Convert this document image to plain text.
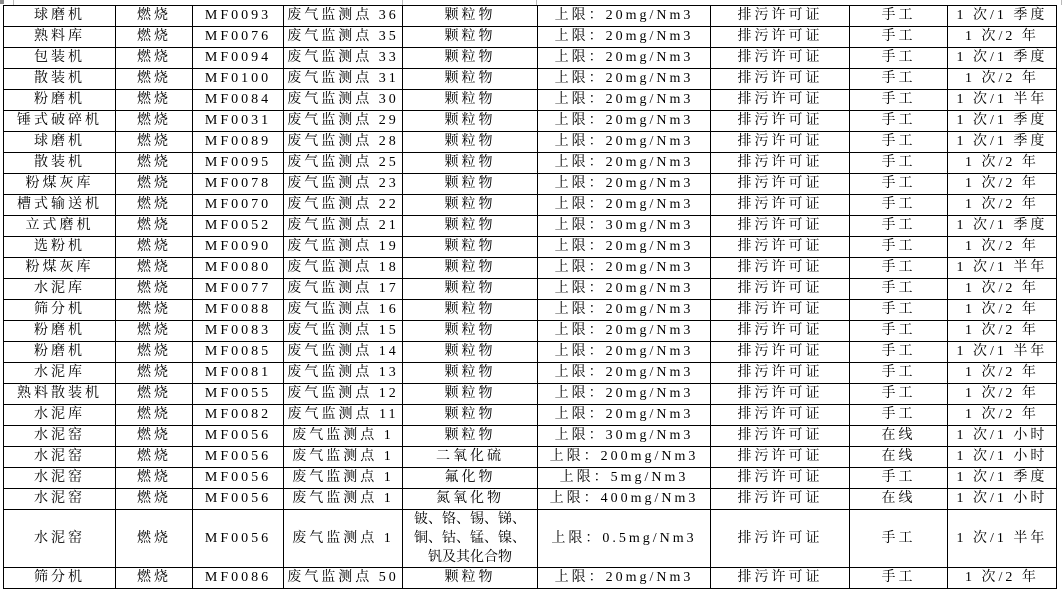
球磨机	燃烧	MF0093	废气监测点 36	颗粒物	上限：20mg/Nm3	排污许可证	手工	1 次/1 季度
熟料库	燃烧	MF0076	废气监测点 35	颗粒物	上限：20mg/Nm3	排污许可证	手工	1 次/2 年
包装机	燃烧	MF0094	废气监测点 33	颗粒物	上限：20mg/Nm3	排污许可证	手工	1 次/1 季度
散装机	燃烧	MF0100	废气监测点 31	颗粒物	上限：20mg/Nm3	排污许可证	手工	1 次/2 年
粉磨机	燃烧	MF0084	废气监测点 30	颗粒物	上限：20mg/Nm3	排污许可证	手工	1 次/1 半年
锤式破碎机	燃烧	MF0031	废气监测点 29	颗粒物	上限：20mg/Nm3	排污许可证	手工	1 次/1 季度
球磨机	燃烧	MF0089	废气监测点 28	颗粒物	上限：20mg/Nm3	排污许可证	手工	1 次/1 季度
散装机	燃烧	MF0095	废气监测点 25	颗粒物	上限：20mg/Nm3	排污许可证	手工	1 次/2 年
粉煤灰库	燃烧	MF0078	废气监测点 23	颗粒物	上限：20mg/Nm3	排污许可证	手工	1 次/2 年
槽式输送机	燃烧	MF0070	废气监测点 22	颗粒物	上限：20mg/Nm3	排污许可证	手工	1 次/2 年
立式磨机	燃烧	MF0052	废气监测点 21	颗粒物	上限：30mg/Nm3	排污许可证	手工	1 次/1 季度
选粉机	燃烧	MF0090	废气监测点 19	颗粒物	上限：20mg/Nm3	排污许可证	手工	1 次/2 年
粉煤灰库	燃烧	MF0080	废气监测点 18	颗粒物	上限：20mg/Nm3	排污许可证	手工	1 次/1 半年
水泥库	燃烧	MF0077	废气监测点 17	颗粒物	上限：20mg/Nm3	排污许可证	手工	1 次/2 年
筛分机	燃烧	MF0088	废气监测点 16	颗粒物	上限：20mg/Nm3	排污许可证	手工	1 次/2 年
粉磨机	燃烧	MF0083	废气监测点 15	颗粒物	上限：20mg/Nm3	排污许可证	手工	1 次/2 年
粉磨机	燃烧	MF0085	废气监测点 14	颗粒物	上限：20mg/Nm3	排污许可证	手工	1 次/1 半年
水泥库	燃烧	MF0081	废气监测点 13	颗粒物	上限：20mg/Nm3	排污许可证	手工	1 次/2 年
熟料散装机	燃烧	MF0055	废气监测点 12	颗粒物	上限：20mg/Nm3	排污许可证	手工	1 次/2 年
水泥库	燃烧	MF0082	废气监测点 11	颗粒物	上限：20mg/Nm3	排污许可证	手工	1 次/2 年
水泥窑	燃烧	MF0056	废气监测点 1	颗粒物	上限：30mg/Nm3	排污许可证	在线	1 次/1 小时
水泥窑	燃烧	MF0056	废气监测点 1	二氧化硫	上限：200mg/Nm3	排污许可证	在线	1 次/1 小时
水泥窑	燃烧	MF0056	废气监测点 1	氟化物	上限：5mg/Nm3	排污许可证	手工	1 次/1 季度
水泥窑	燃烧	MF0056	废气监测点 1	氮氧化物	上限：400mg/Nm3	排污许可证	在线	1 次/1 小时
水泥窑	燃烧	MF0056	废气监测点 1	铍、铬、锡、锑、铜、钴、锰、镍、钒及其化合物	上限：0.5mg/Nm3	排污许可证	手工	1 次/1 半年
筛分机	燃烧	MF0086	废气监测点 50	颗粒物	上限：20mg/Nm3	排污许可证	手工	1 次/2 年
